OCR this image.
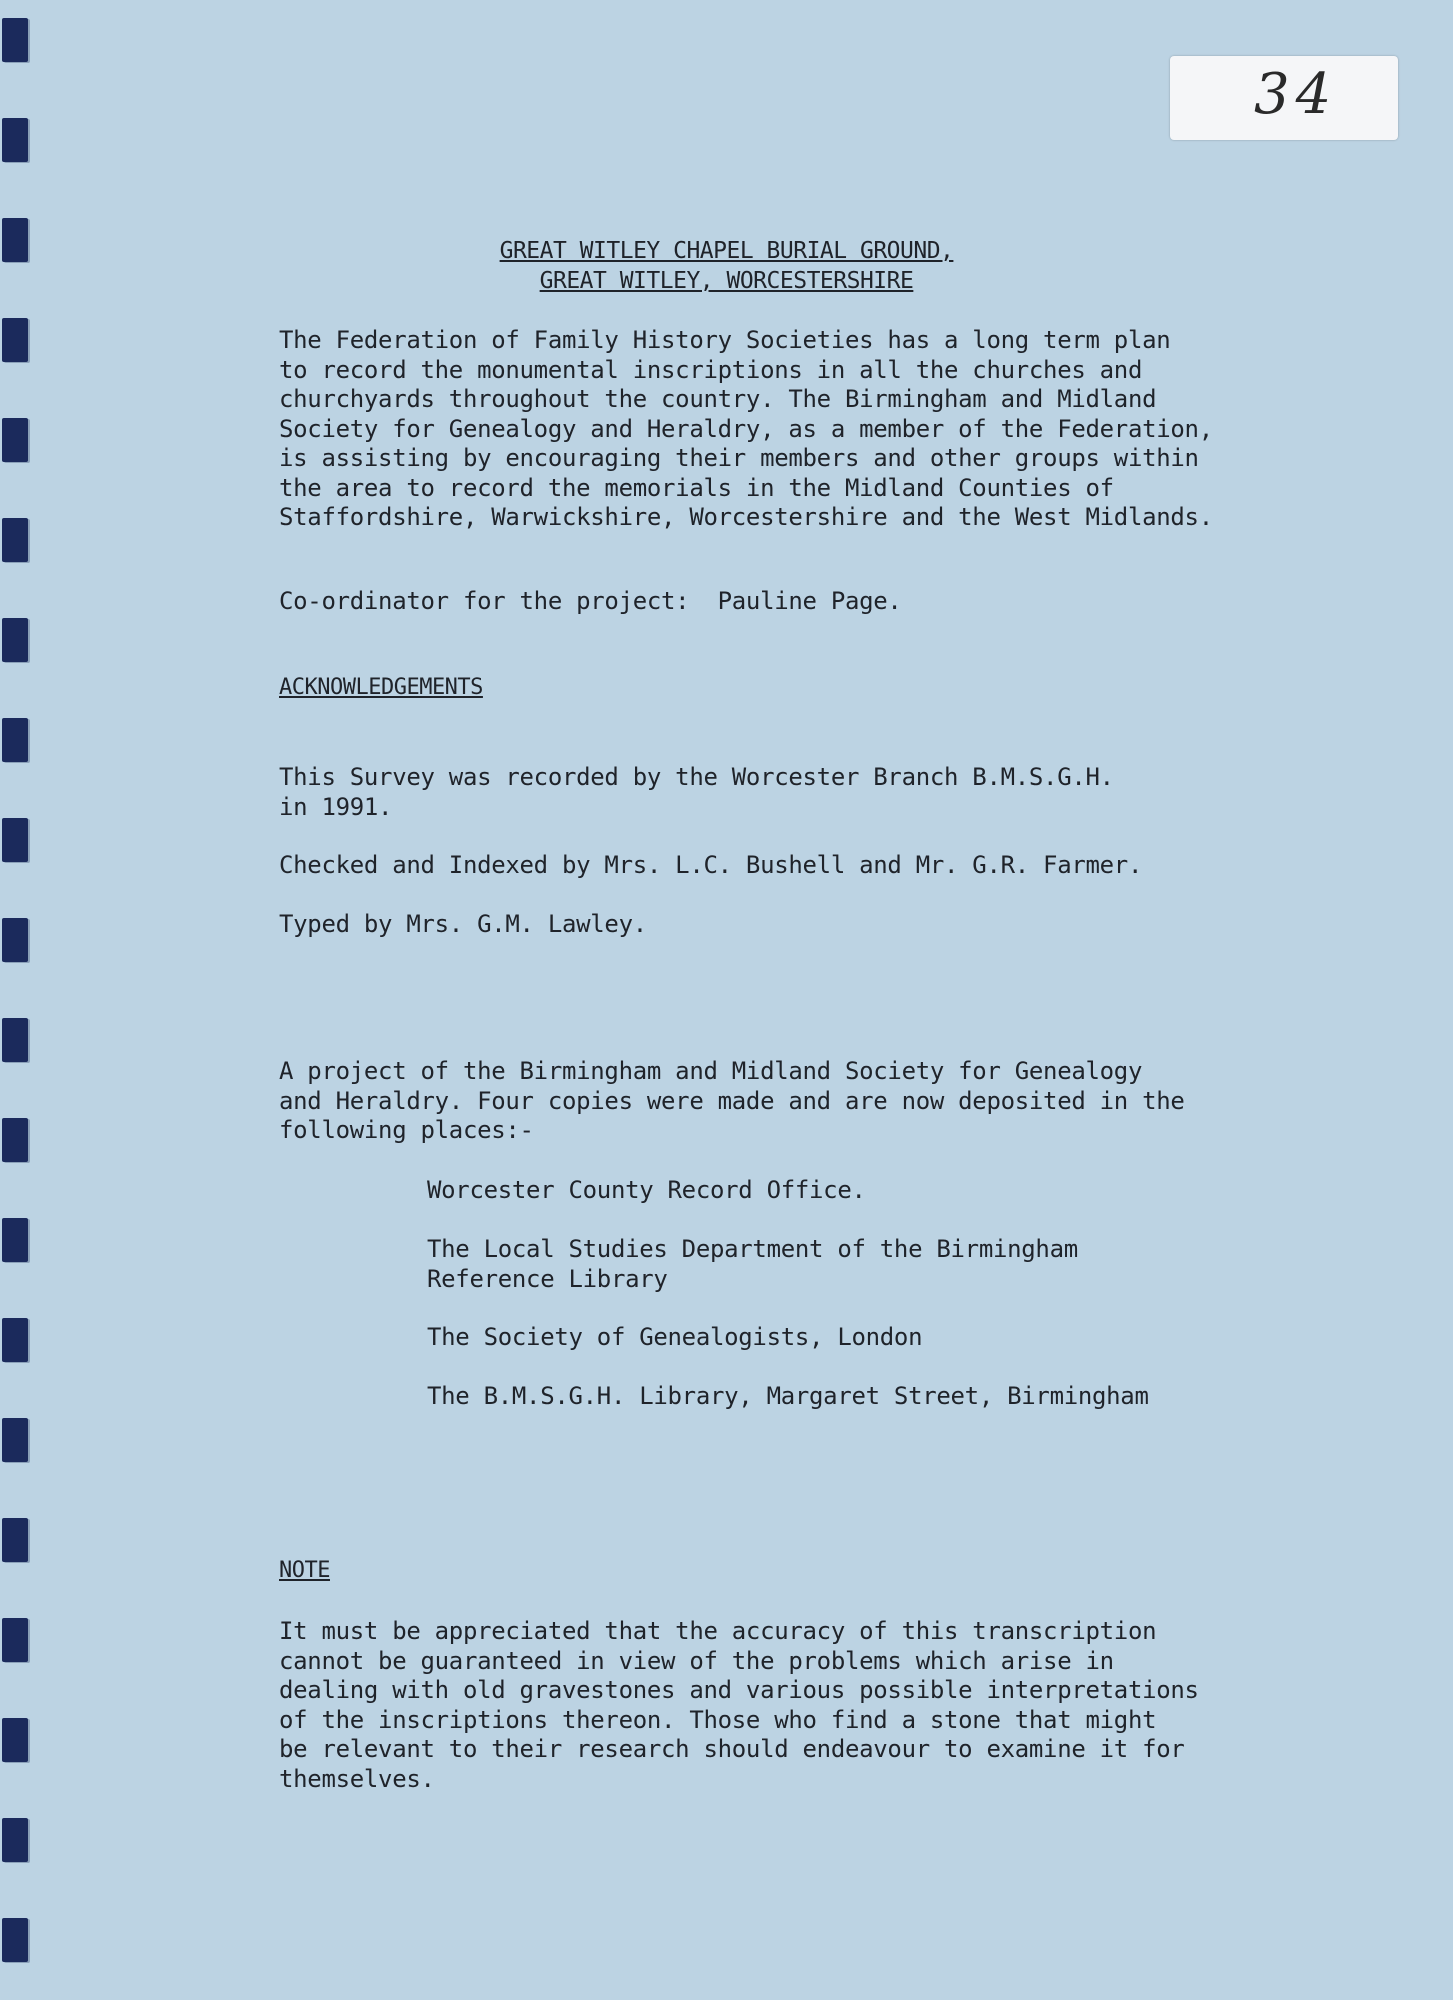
34
GREAT WITLEY CHAPEL BURIAL GROUND,
GREAT WITLEY, WORCESTERSHIRE
The Federation of Family History Societies has a long term plan
to record the monumental inscriptions in all the churches and
churchyards throughout the country. The Birmingham and Midland
Society for Genealogy and Heraldry, as a member of the Federation,
is assisting by encouraging their members and other groups within
the area to record the memorials in the Midland Counties of
Staffordshire, Warwickshire, Worcestershire and the West Midlands.
Co-ordinator for the project:  Pauline Page.
ACKNOWLEDGEMENTS
This Survey was recorded by the Worcester Branch B.M.S.G.H.
in 1991.
Checked and Indexed by Mrs. L.C. Bushell and Mr. G.R. Farmer.
Typed by Mrs. G.M. Lawley.
A project of the Birmingham and Midland Society for Genealogy
and Heraldry. Four copies were made and are now deposited in the
following places:-
Worcester County Record Office.
The Local Studies Department of the Birmingham
Reference Library
The Society of Genealogists, London
The B.M.S.G.H. Library, Margaret Street, Birmingham
NOTE
It must be appreciated that the accuracy of this transcription
cannot be guaranteed in view of the problems which arise in
dealing with old gravestones and various possible interpretations
of the inscriptions thereon. Those who find a stone that might
be relevant to their research should endeavour to examine it for
themselves.
